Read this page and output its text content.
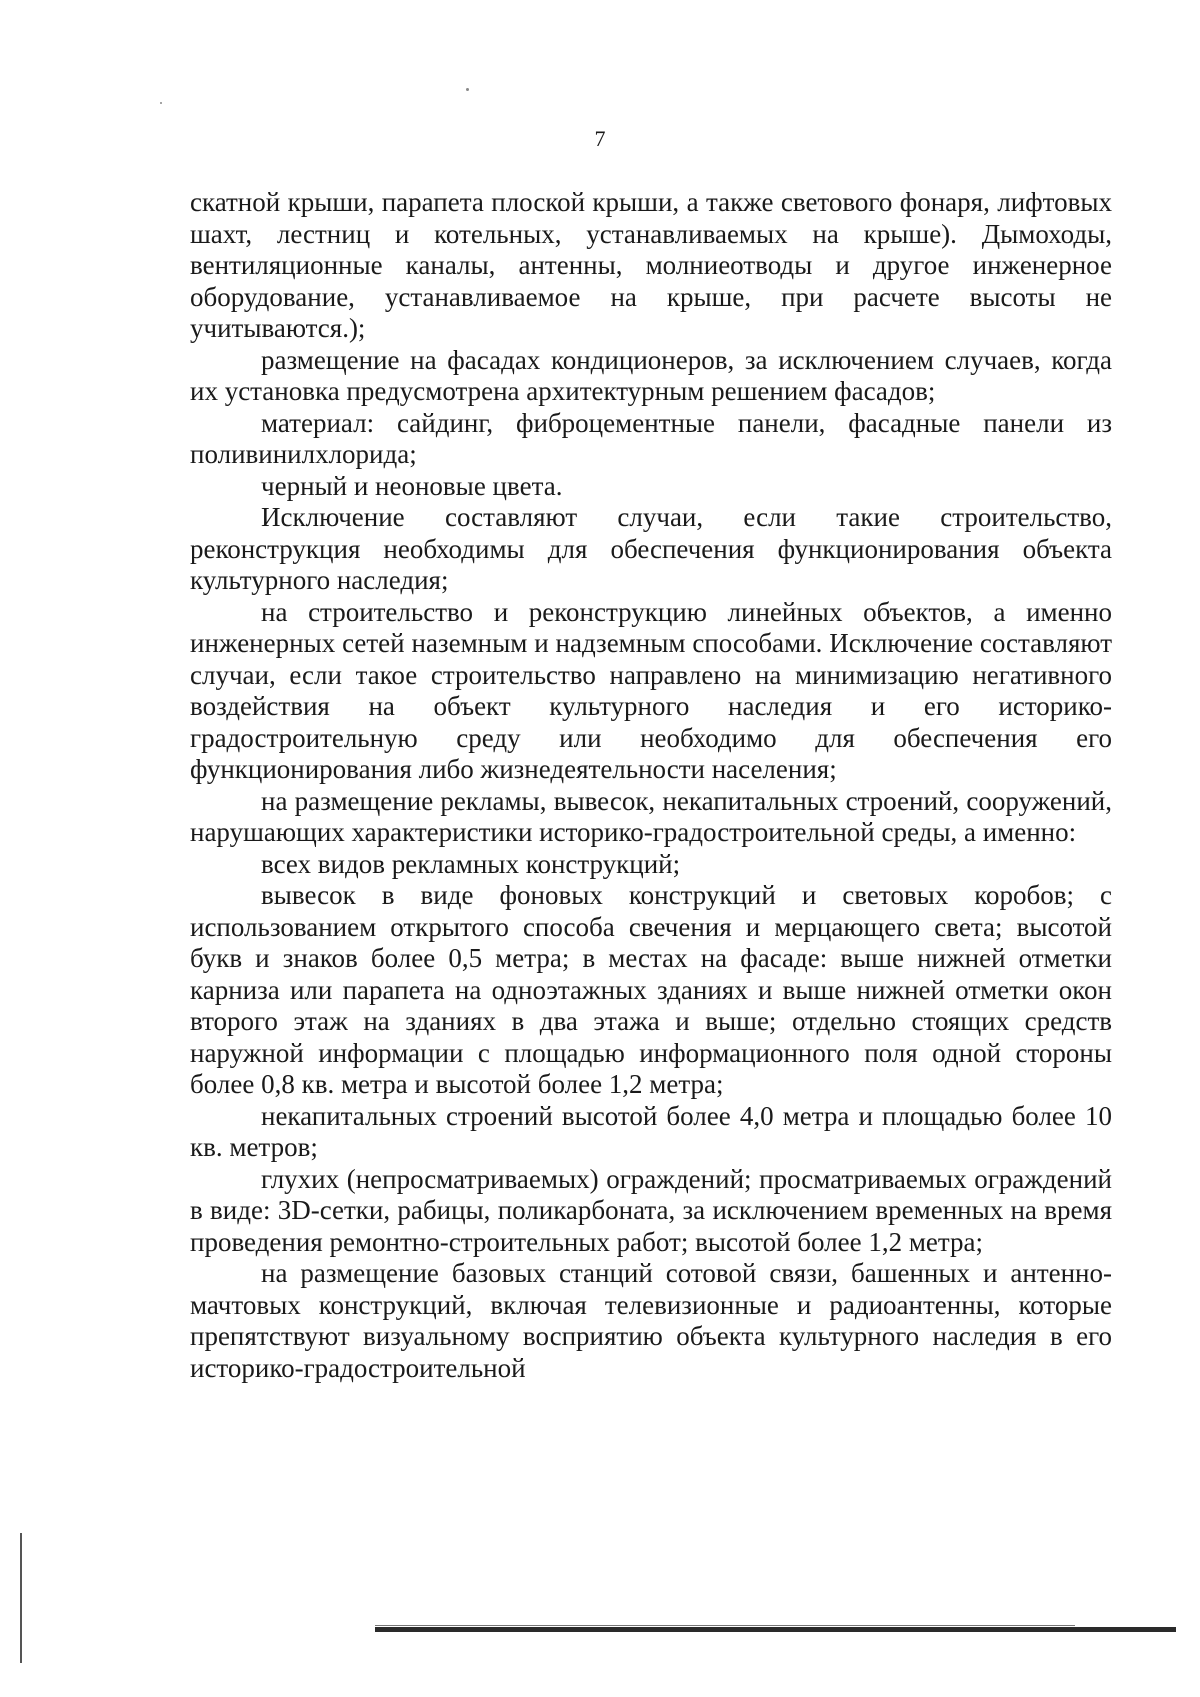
7

скатной крыши, парапета плоской крыши, а также светового фонаря, лифтовых шахт, лестниц и котельных, устанавливаемых на крыше). Дымоходы, вентиляционные каналы, антенны, молниеотводы и другое инженерное оборудование, устанавливаемое на крыше, при расчете высоты не учитываются.);

размещение на фасадах кондиционеров, за исключением случаев, когда их установка предусмотрена архитектурным решением фасадов;

материал: сайдинг, фиброцементные панели, фасадные панели из поливинилхлорида;

черный и неоновые цвета.

Исключение составляют случаи, если такие строительство, реконструкция необходимы для обеспечения функционирования объекта культурного наследия;

на строительство и реконструкцию линейных объектов, а именно инженерных сетей наземным и надземным способами. Исключение составляют случаи, если такое строительство направлено на минимизацию негативного воздействия на объект культурного наследия и его историко-градостроительную среду или необходимо для обеспечения его функционирования либо жизнедеятельности населения;

на размещение рекламы, вывесок, некапитальных строений, сооружений, нарушающих характеристики историко-градостроительной среды, а именно:

всех видов рекламных конструкций;

вывесок в виде фоновых конструкций и световых коробов; с использованием открытого способа свечения и мерцающего света; высотой букв и знаков более 0,5 метра; в местах на фасаде: выше нижней отметки карниза или парапета на одноэтажных зданиях и выше нижней отметки окон второго этаж на зданиях в два этажа и выше; отдельно стоящих средств наружной информации с площадью информационного поля одной стороны более 0,8 кв. метра и высотой более 1,2 метра;

некапитальных строений высотой более 4,0 метра и площадью более 10 кв. метров;

глухих (непросматриваемых) ограждений; просматриваемых ограждений в виде: 3D-сетки, рабицы, поликарбоната, за исключением временных на время проведения ремонтно-строительных работ; высотой более 1,2 метра;

на размещение базовых станций сотовой связи, башенных и антенно-мачтовых конструкций, включая телевизионные и радиоантенны, которые препятствуют визуальному восприятию объекта культурного наследия в его историко-градостроительной
